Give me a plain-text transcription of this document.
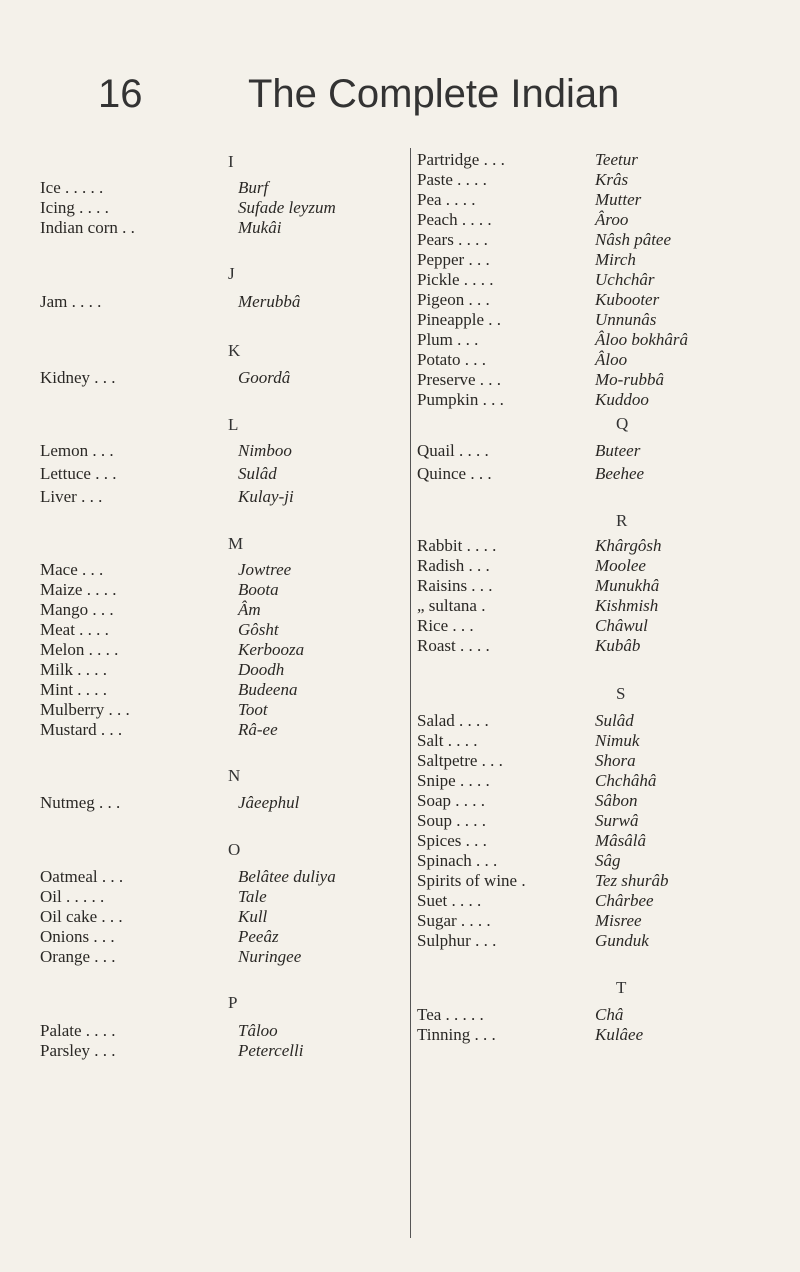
16	The Complete Indian
I
Ice . . . . .	Burf
Icing . . . .	Sufade leyzum
Indian corn . .	Mukâi
J
Jam . . . .	Merubbâ
K
Kidney . . .	Goordâ
L
Lemon . . .	Nimboo
Lettuce . . .	Sulâd
Liver . . .	Kulay-ji
M
Mace . . .	Jowtree
Maize . . . .	Boota
Mango . . .	Âm
Meat . . . .	Gôsht
Melon . . . .	Kerbooza
Milk . . . .	Doodh
Mint . . . .	Budeena
Mulberry . . .	Toot
Mustard . . .	Râ-ee
N
Nutmeg . . .	Jâeephul
O
Oatmeal . . .	Belâtee duliya
Oil . . . . .	Tale
Oil cake . . .	Kull
Onions . . .	Peeâz
Orange . . .	Nuringee
P
Palate . . . .	Tâloo
Parsley . . .	Petercelli
Partridge . . .	Teetur
Paste . . . .	Krâs
Pea . . . .	Mutter
Peach . . . .	Âroo
Pears . . . .	Nâsh pâtee
Pepper . . .	Mirch
Pickle . . . .	Uchchâr
Pigeon . . .	Kubooter
Pineapple . .	Unnunâs
Plum . . .	Âloo bokhârâ
Potato . . .	Âloo
Preserve . . .	Mo-rubbâ
Pumpkin . . .	Kuddoo
Q
Quail . . . .	Buteer
Quince . . .	Beehee
R
Rabbit . . . .	Khârgôsh
Radish . . .	Moolee
Raisins . . .	Munukhâ
„ sultana .	Kishmish
Rice . . .	Châwul
Roast . . . .	Kubâb
S
Salad . . . .	Sulâd
Salt . . . .	Nimuk
Saltpetre . . .	Shora
Snipe . . . .	Chchâhâ
Soap . . . .	Sâbon
Soup . . . .	Surwâ
Spices . . .	Mâsâlâ
Spinach . . .	Sâg
Spirits of wine .	Tez shurâb
Suet . . . .	Chârbee
Sugar . . . .	Misree
Sulphur . . .	Gunduk
T
Tea . . . . .	Châ
Tinning . . .	Kulâee
